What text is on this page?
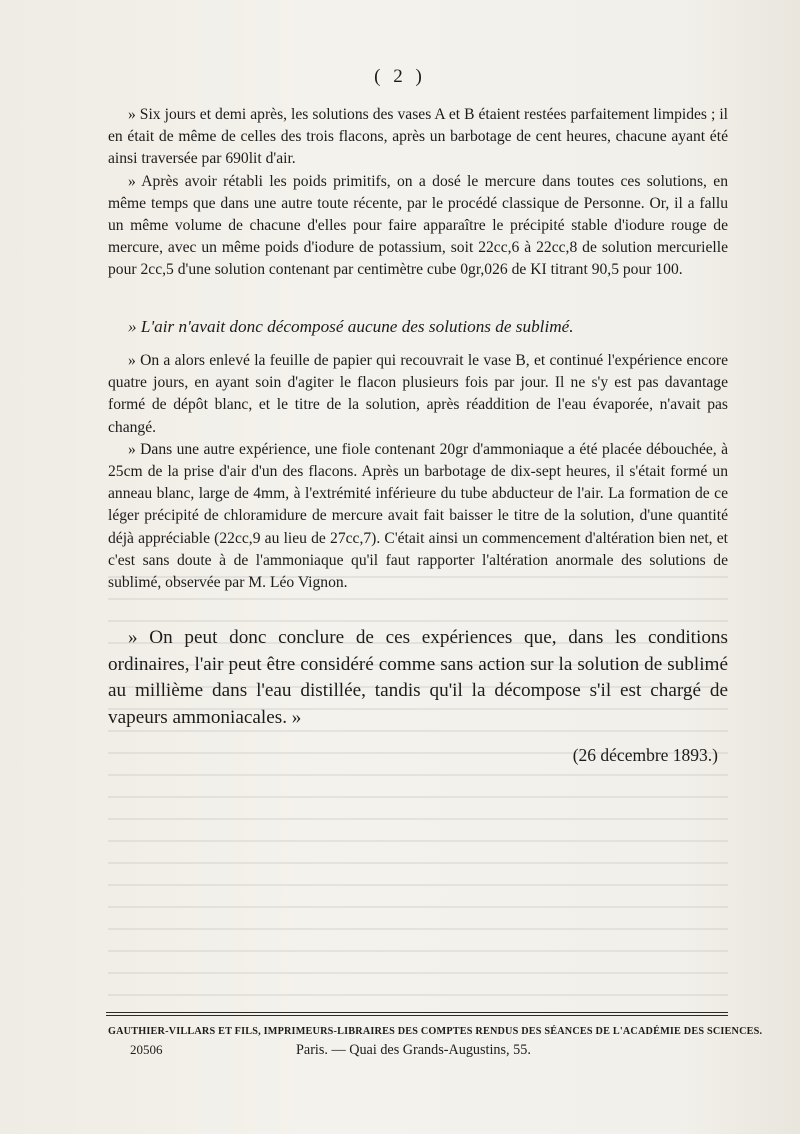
( 2 )

» Six jours et demi après, les solutions des vases A et B étaient restées parfaitement limpides ; il en était de même de celles des trois flacons, après un barbotage de cent heures, chacune ayant été ainsi traversée par 690lit d'air.

» Après avoir rétabli les poids primitifs, on a dosé le mercure dans toutes ces solutions, en même temps que dans une autre toute récente, par le procédé classique de Personne. Or, il a fallu un même volume de chacune d'elles pour faire apparaître le précipité stable d'iodure rouge de mercure, avec un même poids d'iodure de potassium, soit 22cc,6 à 22cc,8 de solution mercurielle pour 2cc,5 d'une solution contenant par centimètre cube 0gr,026 de KI titrant 90,5 pour 100.

» L'air n'avait donc décomposé aucune des solutions de sublimé.

» On a alors enlevé la feuille de papier qui recouvrait le vase B, et continué l'expérience encore quatre jours, en ayant soin d'agiter le flacon plusieurs fois par jour. Il ne s'y est pas davantage formé de dépôt blanc, et le titre de la solution, après réaddition de l'eau évaporée, n'avait pas changé.

» Dans une autre expérience, une fiole contenant 20gr d'ammoniaque a été placée débouchée, à 25cm de la prise d'air d'un des flacons. Après un barbotage de dix-sept heures, il s'était formé un anneau blanc, large de 4mm, à l'extrémité inférieure du tube abducteur de l'air. La formation de ce léger précipité de chloramidure de mercure avait fait baisser le titre de la solution, d'une quantité déjà appréciable (22cc,9 au lieu de 27cc,7). C'était ainsi un commencement d'altération bien net, et c'est sans doute à de l'ammoniaque qu'il faut rapporter l'altération anormale des solutions de sublimé, observée par M. Léo Vignon.

» On peut donc conclure de ces expériences que, dans les conditions ordinaires, l'air peut être considéré comme sans action sur la solution de sublimé au millième dans l'eau distillée, tandis qu'il la décompose s'il est chargé de vapeurs ammoniacales. »

(26 décembre 1893.)
GAUTHIER-VILLARS ET FILS, IMPRIMEURS-LIBRAIRES DES COMPTES RENDUS DES SÉANCES DE L'ACADÉMIE DES SCIENCES.
20506	Paris. — Quai des Grands-Augustins, 55.
